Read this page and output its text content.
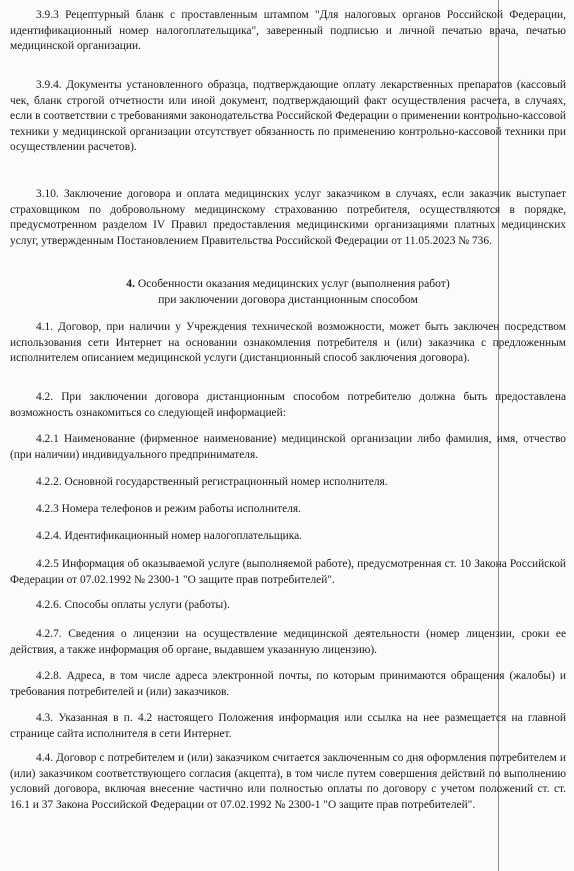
3.9.3 Рецептурный бланк с проставленным штампом "Для налоговых органов Российской Федерации, идентификационный номер налогоплательщика", заверенный подписью и личной печатью врача, печатью медицинской организации.

3.9.4. Документы установленного образца, подтверждающие оплату лекарственных препаратов (кассовый чек, бланк строгой отчетности или иной документ, подтверждающий факт осуществления расчета, в случаях, если в соответствии с требованиями законодательства Российской Федерации о применении контрольно-кассовой техники у медицинской организации отсутствует обязанность по применению контрольно-кассовой техники при осуществлении расчетов).

3.10. Заключение договора и оплата медицинских услуг заказчиком в случаях, если заказчик выступает страховщиком по добровольному медицинскому страхованию потребителя, осуществляются в порядке, предусмотренном разделом IV Правил предоставления медицинскими организациями платных медицинских услуг, утвержденным Постановлением Правительства Российской Федерации от 11.05.2023 № 736.

4. Особенности оказания медицинских услуг (выполнения работ)
при заключении договора дистанционным способом

4.1. Договор, при наличии у Учреждения технической возможности, может быть заключен посредством использования сети Интернет на основании ознакомления потребителя и (или) заказчика с предложенным исполнителем описанием медицинской услуги (дистанционный способ заключения договора).

4.2. При заключении договора дистанционным способом потребителю должна быть предоставлена возможность ознакомиться со следующей информацией:

4.2.1 Наименование (фирменное наименование) медицинской организации либо фамилия, имя, отчество (при наличии) индивидуального предпринимателя.

4.2.2. Основной государственный регистрационный номер исполнителя.

4.2.3 Номера телефонов и режим работы исполнителя.

4.2.4. Идентификационный номер налогоплательщика.

4.2.5 Информация об оказываемой услуге (выполняемой работе), предусмотренная ст. 10 Закона Российской Федерации от 07.02.1992 № 2300-1 "О защите прав потребителей".

4.2.6. Способы оплаты услуги (работы).

4.2.7. Сведения о лицензии на осуществление медицинской деятельности (номер лицензии, сроки ее действия, а также информация об органе, выдавшем указанную лицензию).

4.2.8. Адреса, в том числе адреса электронной почты, по которым принимаются обращения (жалобы) и требования потребителей и (или) заказчиков.

4.3. Указанная в п. 4.2 настоящего Положения информация или ссылка на нее размещается на главной странице сайта исполнителя в сети Интернет.

4.4. Договор с потребителем и (или) заказчиком считается заключенным со дня оформления потребителем и (или) заказчиком соответствующего согласия (акцепта), в том числе путем совершения действий по выполнению условий договора, включая внесение частично или полностью оплаты по договору с учетом положений ст. ст. 16.1 и 37 Закона Российской Федерации от 07.02.1992 № 2300-1 "О защите прав потребителей".
